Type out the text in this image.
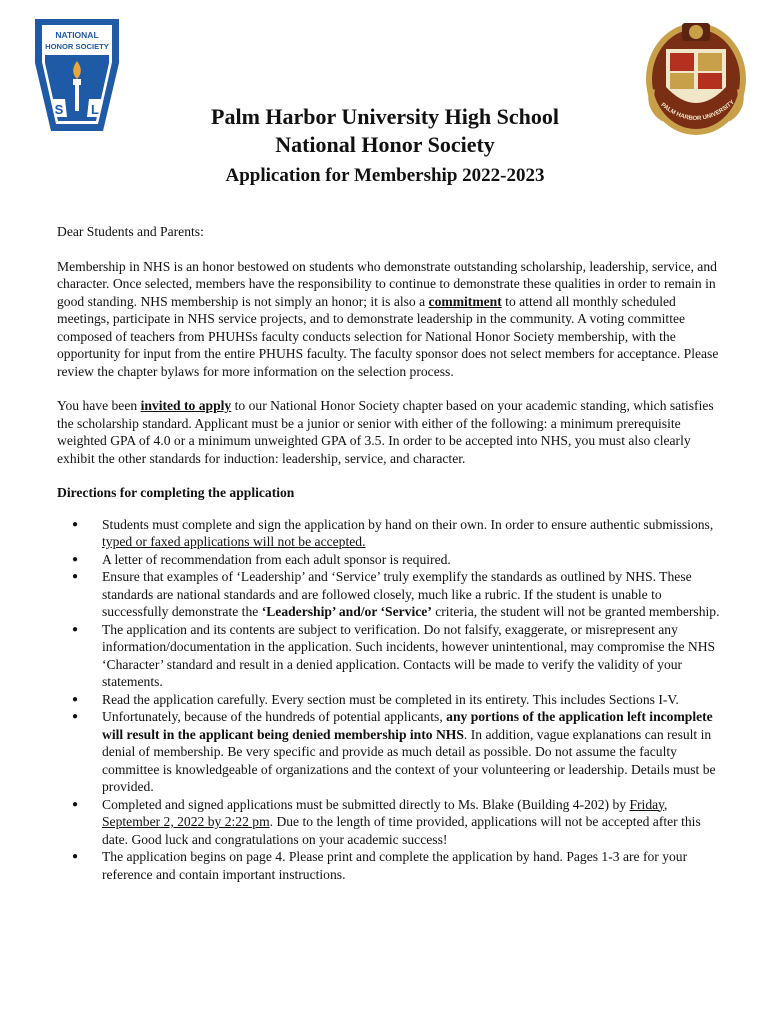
NATIONAL
HONOR SOCIETY
S L	PALM HARBOR UNIVERSITY
Palm Harbor University High School
National Honor Society
Application for Membership 2022-2023

Dear Students and Parents:

Membership in NHS is an honor bestowed on students who demonstrate outstanding scholarship, leadership, service, and character. Once selected, members have the responsibility to continue to demonstrate these qualities in order to remain in good standing. NHS membership is not simply an honor; it is also a commitment to attend all monthly scheduled meetings, participate in NHS service projects, and to demonstrate leadership in the community. A voting committee composed of teachers from PHUHSs faculty conducts selection for National Honor Society membership, with the opportunity for input from the entire PHUHS faculty. The faculty sponsor does not select members for acceptance. Please review the chapter bylaws for more information on the selection process.

You have been invited to apply to our National Honor Society chapter based on your academic standing, which satisfies the scholarship standard. Applicant must be a junior or senior with either of the following: a minimum prerequisite weighted GPA of 4.0 or a minimum unweighted GPA of 3.5. In order to be accepted into NHS, you must also clearly exhibit the other standards for induction: leadership, service, and character.

Directions for completing the application

● Students must complete and sign the application by hand on their own. In order to ensure authentic submissions, typed or faxed applications will not be accepted.
● A letter of recommendation from each adult sponsor is required.
● Ensure that examples of ‘Leadership’ and ‘Service’ truly exemplify the standards as outlined by NHS. These standards are national standards and are followed closely, much like a rubric. If the student is unable to successfully demonstrate the ‘Leadership’ and/or ‘Service’ criteria, the student will not be granted membership.
● The application and its contents are subject to verification. Do not falsify, exaggerate, or misrepresent any information/documentation in the application. Such incidents, however unintentional, may compromise the NHS ‘Character’ standard and result in a denied application. Contacts will be made to verify the validity of your statements.
● Read the application carefully. Every section must be completed in its entirety. This includes Sections I-V.
● Unfortunately, because of the hundreds of potential applicants, any portions of the application left incomplete will result in the applicant being denied membership into NHS. In addition, vague explanations can result in denial of membership. Be very specific and provide as much detail as possible. Do not assume the faculty committee is knowledgeable of organizations and the context of your volunteering or leadership. Details must be provided.
● Completed and signed applications must be submitted directly to Ms. Blake (Building 4-202) by Friday, September 2, 2022 by 2:22 pm. Due to the length of time provided, applications will not be accepted after this date. Good luck and congratulations on your academic success!
● The application begins on page 4. Please print and complete the application by hand. Pages 1-3 are for your reference and contain important instructions.
